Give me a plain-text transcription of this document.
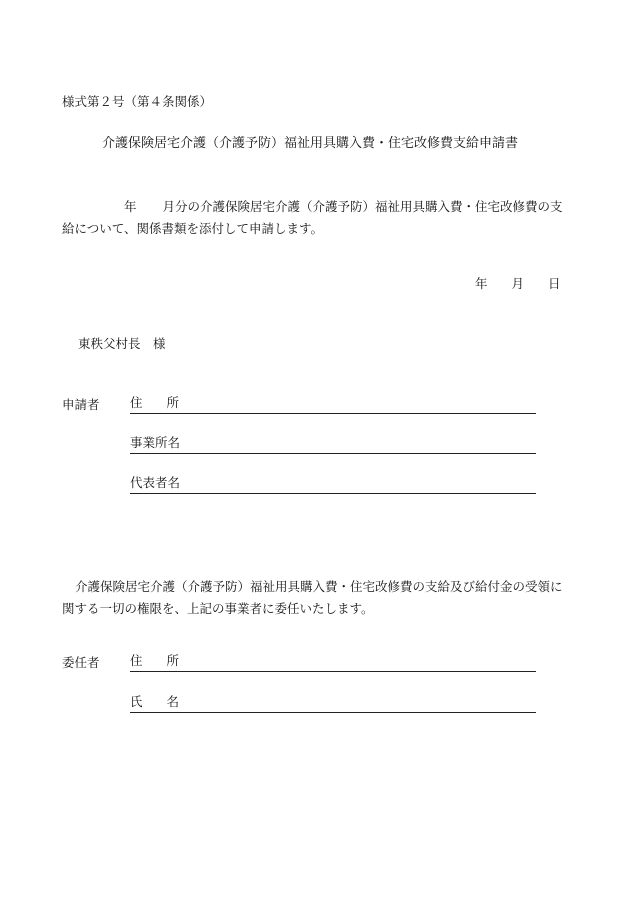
様式第２号（第４条関係）
介護保険居宅介護（介護予防）福祉用具購入費・住宅改修費支給申請書
年 月分の介護保険居宅介護（介護予防）福祉用具購入費・住宅改修費の支給について、関係書類を添付して申請します。
年 月 日
東秩父村長　様
申請者 住 所
事業所名
代表者名
介護保険居宅介護（介護予防）福祉用具購入費・住宅改修費の支給及び給付金の受領に関する一切の権限を、上記の事業者に委任いたします。
委任者 住 所
氏 名
